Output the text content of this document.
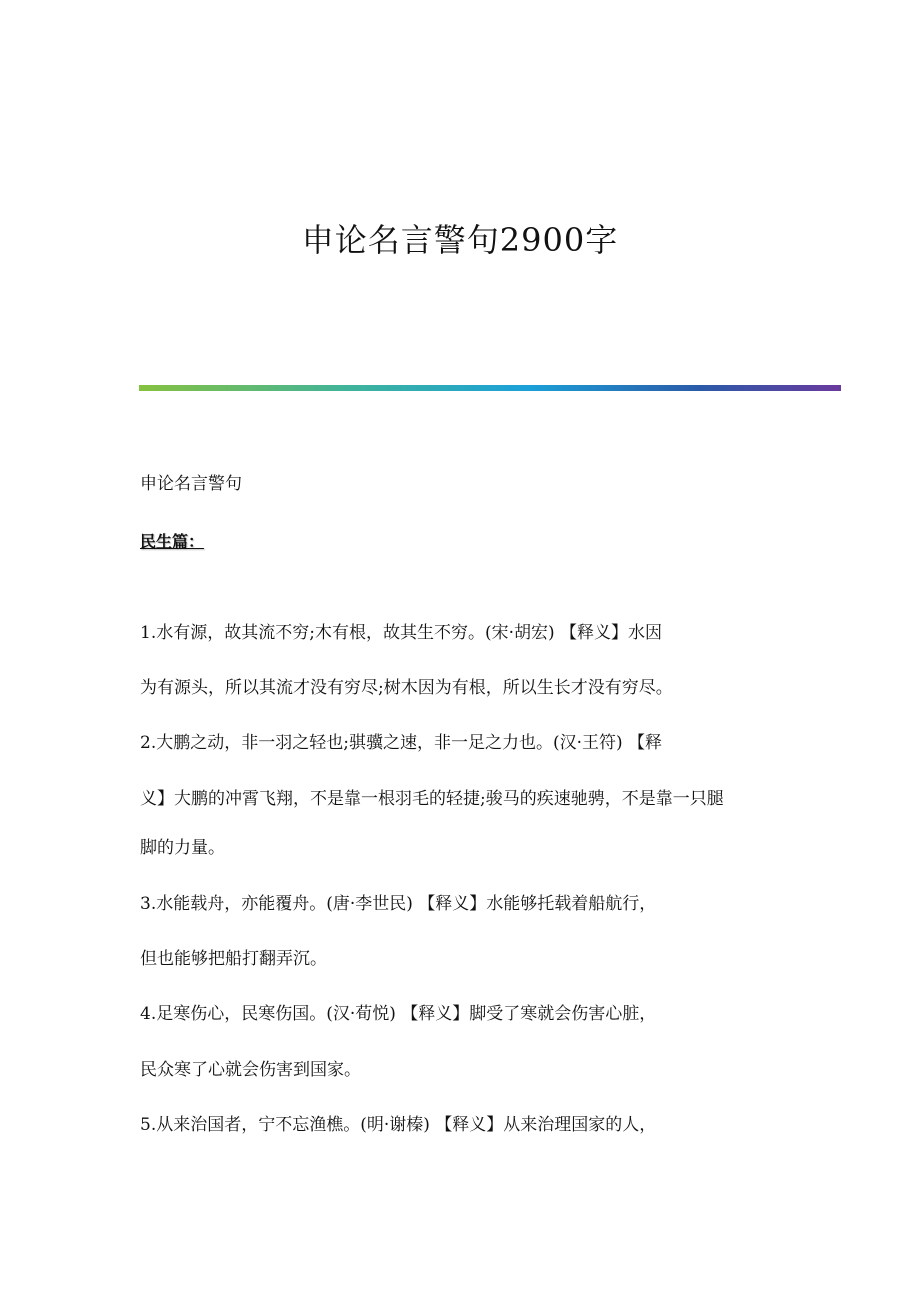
申论名言警句2900字

申论名言警句

民生篇：

1.水有源，故其流不穷;木有根，故其生不穷。(宋·胡宏) 【释义】水因

为有源头，所以其流才没有穷尽;树木因为有根，所以生长才没有穷尽。

2.大鹏之动，非一羽之轻也;骐骥之速，非一足之力也。(汉·王符) 【释

义】大鹏的冲霄飞翔，不是靠一根羽毛的轻捷;骏马的疾速驰骋，不是靠一只腿

脚的力量。

3.水能载舟，亦能覆舟。(唐·李世民) 【释义】水能够托载着船航行，

但也能够把船打翻弄沉。

4.足寒伤心，民寒伤国。(汉·荀悦) 【释义】脚受了寒就会伤害心脏，

民众寒了心就会伤害到国家。

5.从来治国者，宁不忘渔樵。(明·谢榛) 【释义】从来治理国家的人，
